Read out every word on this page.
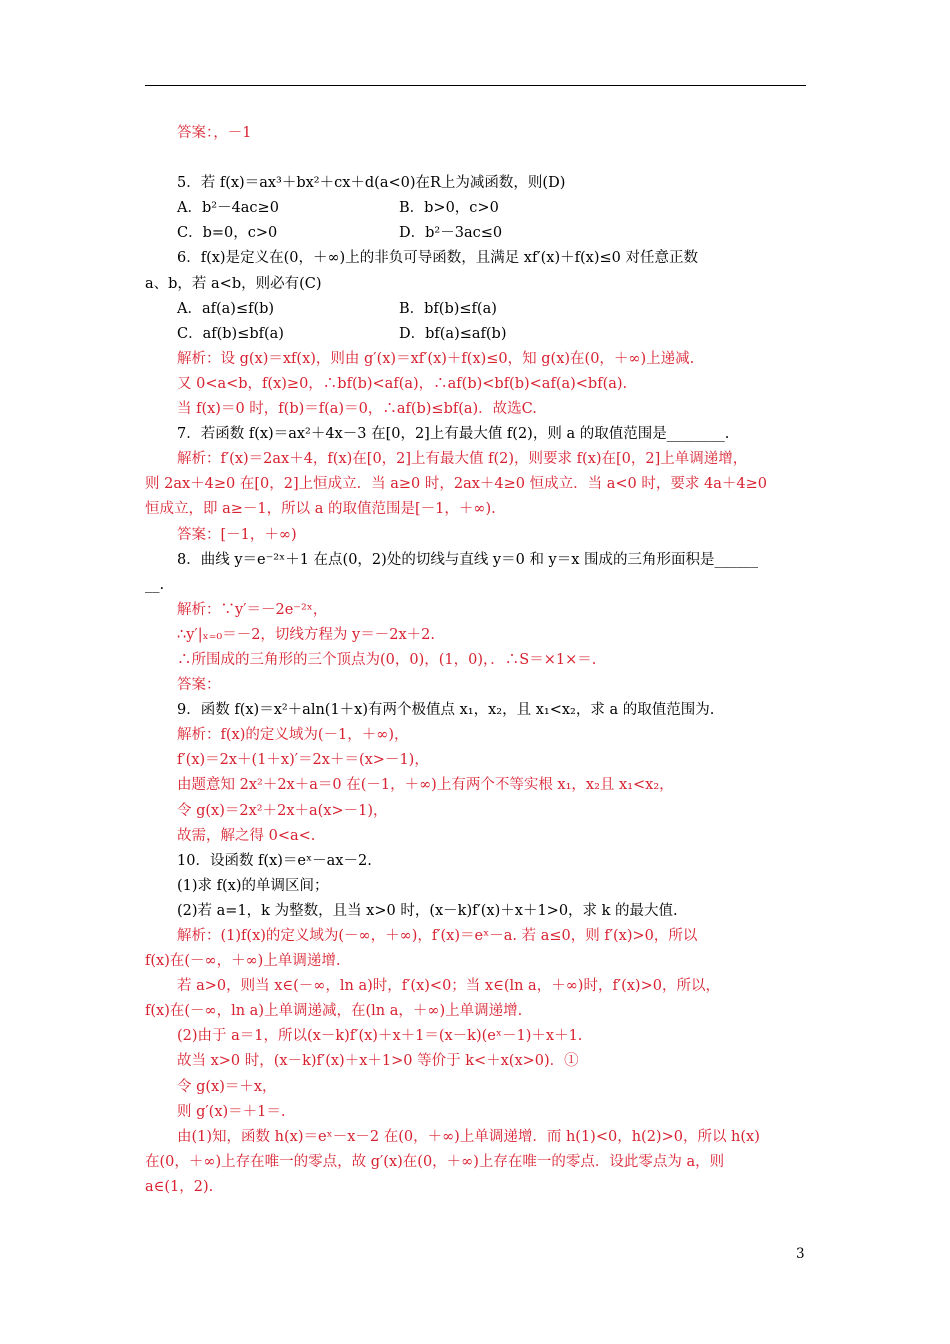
答案：，－1
5．若 f(x)＝ax³＋bx²＋cx＋d(a<0)在R上为减函数，则(D)
A．b²－4ac≥0	B．b>0，c>0
C．b=0，c>0	D．b²－3ac≤0
6．f(x)是定义在(0，＋∞)上的非负可导函数，且满足 xf′(x)＋f(x)≤0 对任意正数
a、b，若 a<b，则必有(C)
A．af(a)≤f(b)	B．bf(b)≤f(a)
C．af(b)≤bf(a)	D．bf(a)≤af(b)
解析：设 g(x)＝xf(x)，则由 g′(x)＝xf′(x)＋f(x)≤0，知 g(x)在(0，＋∞)上递减.
又 0<a<b，f(x)≥0，∴bf(b)<af(a)，∴af(b)<bf(b)<af(a)<bf(a).
当 f(x)＝0 时，f(b)＝f(a)＝0，∴af(b)≤bf(a)．故选C.
7．若函数 f(x)＝ax²＋4x－3 在[0，2]上有最大值 f(2)，则 a 的取值范围是________.
解析：f′(x)＝2ax＋4，f(x)在[0，2]上有最大值 f(2)，则要求 f(x)在[0，2]上单调递增，
则 2ax＋4≥0 在[0，2]上恒成立．当 a≥0 时，2ax＋4≥0 恒成立．当 a<0 时，要求 4a＋4≥0
恒成立，即 a≥－1，所以 a 的取值范围是[－1，＋∞).
答案：[－1，＋∞)
8．曲线 y＝e⁻²ˣ＋1 在点(0，2)处的切线与直线 y＝0 和 y＝x 围成的三角形面积是______
__.
解析：∵y′＝－2e⁻²ˣ，
∴y′|ₓ₌₀＝－2，切线方程为 y＝－2x＋2.
∴所围成的三角形的三个顶点为(0，0)，(1，0)，．∴S＝×1×＝.
答案：
9．函数 f(x)＝x²＋aln(1＋x)有两个极值点 x₁，x₂，且 x₁<x₂，求 a 的取值范围为.
解析：f(x)的定义域为(－1，＋∞)，
f′(x)＝2x＋(1＋x)′＝2x＋＝(x>－1)，
由题意知 2x²＋2x＋a＝0 在(－1，＋∞)上有两个不等实根 x₁，x₂且 x₁<x₂，
令 g(x)＝2x²＋2x＋a(x>－1)，
故需，解之得 0<a<.
10．设函数 f(x)＝eˣ－ax－2.
(1)求 f(x)的单调区间；
(2)若 a=1，k 为整数，且当 x>0 时，(x－k)f′(x)＋x＋1>0，求 k 的最大值.
解析：(1)f(x)的定义域为(－∞，＋∞)，f′(x)＝eˣ－a. 若 a≤0，则 f′(x)>0，所以
f(x)在(－∞，＋∞)上单调递增.
若 a>0，则当 x∈(－∞，ln a)时，f′(x)<0；当 x∈(ln a，＋∞)时，f′(x)>0，所以，
f(x)在(－∞，ln a)上单调递减，在(ln a，＋∞)上单调递增.
(2)由于 a＝1，所以(x－k)f′(x)＋x＋1＝(x－k)(eˣ－1)＋x＋1.
故当 x>0 时，(x－k)f′(x)＋x＋1>0 等价于 k<＋x(x>0)．①
令 g(x)＝＋x，
则 g′(x)＝＋1＝.
由(1)知，函数 h(x)＝eˣ－x－2 在(0，＋∞)上单调递增．而 h(1)<0，h(2)>0，所以 h(x)
在(0，＋∞)上存在唯一的零点，故 g′(x)在(0，＋∞)上存在唯一的零点．设此零点为 a，则
a∈(1，2).
3
